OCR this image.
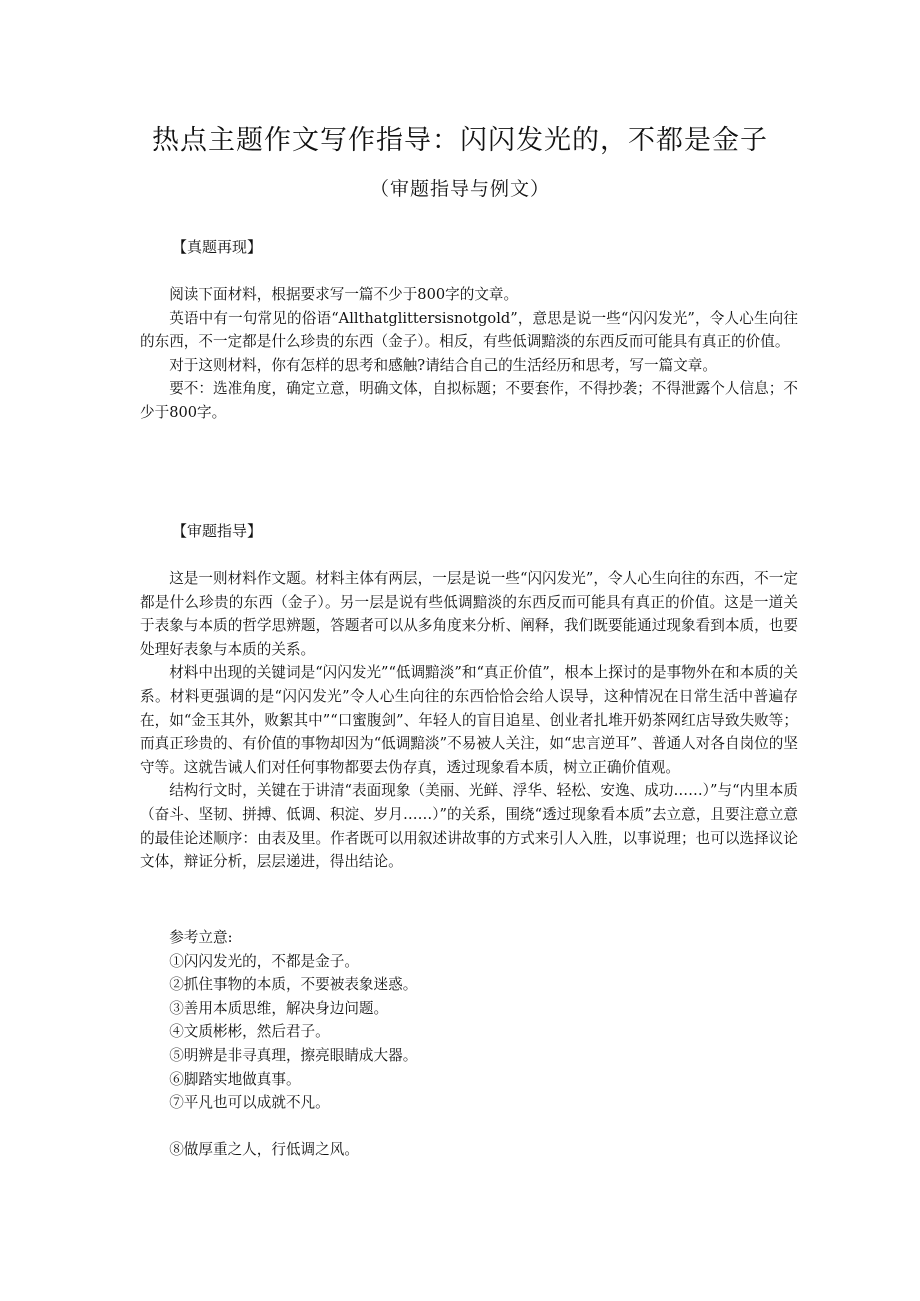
热点主题作文写作指导：闪闪发光的，不都是金子
（审题指导与例文）
【真题再现】

阅读下面材料，根据要求写一篇不少于800字的文章。

英语中有一句常见的俗语“Allthatglittersisnotgold”，意思是说一些“闪闪发光”，令人心生向往的东西，不一定都是什么珍贵的东西（金子）。相反，有些低调黯淡的东西反而可能具有真正的价值。

对于这则材料，你有怎样的思考和感触?请结合自己的生活经历和思考，写一篇文章。

要不：选准角度，确定立意，明确文体，自拟标题；不要套作，不得抄袭；不得泄露个人信息；不少于800字。

【审题指导】

这是一则材料作文题。材料主体有两层，一层是说一些“闪闪发光”，令人心生向往的东西，不一定都是什么珍贵的东西（金子）。另一层是说有些低调黯淡的东西反而可能具有真正的价值。这是一道关于表象与本质的哲学思辨题，答题者可以从多角度来分析、阐释，我们既要能通过现象看到本质，也要处理好表象与本质的关系。

材料中出现的关键词是“闪闪发光”“低调黯淡”和“真正价值”，根本上探讨的是事物外在和本质的关系。材料更强调的是“闪闪发光”令人心生向往的东西恰恰会给人误导，这种情况在日常生活中普遍存在，如“金玉其外，败絮其中”“口蜜腹剑”、年轻人的盲目追星、创业者扎堆开奶茶网红店导致失败等；而真正珍贵的、有价值的事物却因为“低调黯淡”不易被人关注，如“忠言逆耳”、普通人对各自岗位的坚守等。这就告诫人们对任何事物都要去伪存真，透过现象看本质，树立正确价值观。

结构行文时，关键在于讲清“表面现象（美丽、光鲜、浮华、轻松、安逸、成功……）”与“内里本质（奋斗、坚韧、拼搏、低调、积淀、岁月……）”的关系，围绕“透过现象看本质”去立意，且要注意立意的最佳论述顺序：由表及里。作者既可以用叙述讲故事的方式来引人入胜，以事说理；也可以选择议论文体，辩证分析，层层递进，得出结论。

参考立意:
①闪闪发光的，不都是金子。
②抓住事物的本质，不要被表象迷惑。
③善用本质思维，解决身边问题。
④文质彬彬，然后君子。
⑤明辨是非寻真理，擦亮眼睛成大器。
⑥脚踏实地做真事。
⑦平凡也可以成就不凡。
⑧做厚重之人，行低调之风。
